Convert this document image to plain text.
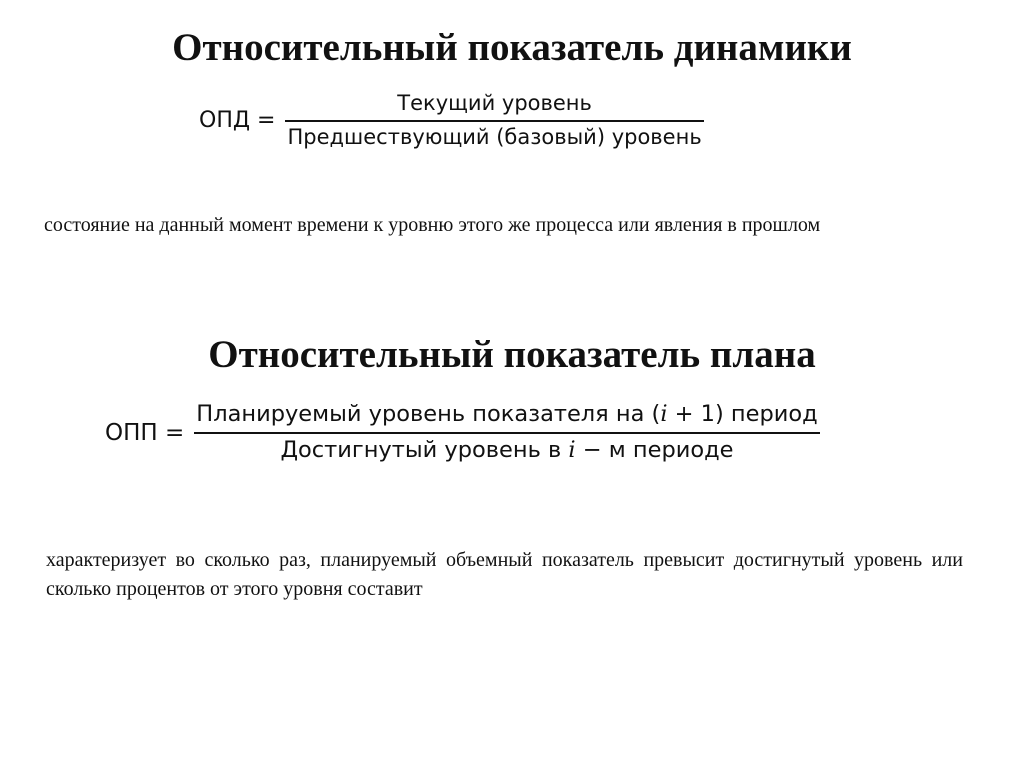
Относительный показатель динамики
ОПД = $\frac{\text{Текущий уровень}}{\text{Предшествующий (базовый) уровень}}$

состояние на данный момент времени к уровню этого же процесса или явления в прошлом

Относительный показатель плана
ОПП = $\frac{\text{Планируемый уровень показателя на (i + 1) период}}{\text{Достигнутый уровень в i − м периоде}}$

характеризует во сколько раз, планируемый объемный показатель превысит достигнутый уровень или сколько процентов от этого уровня составит
